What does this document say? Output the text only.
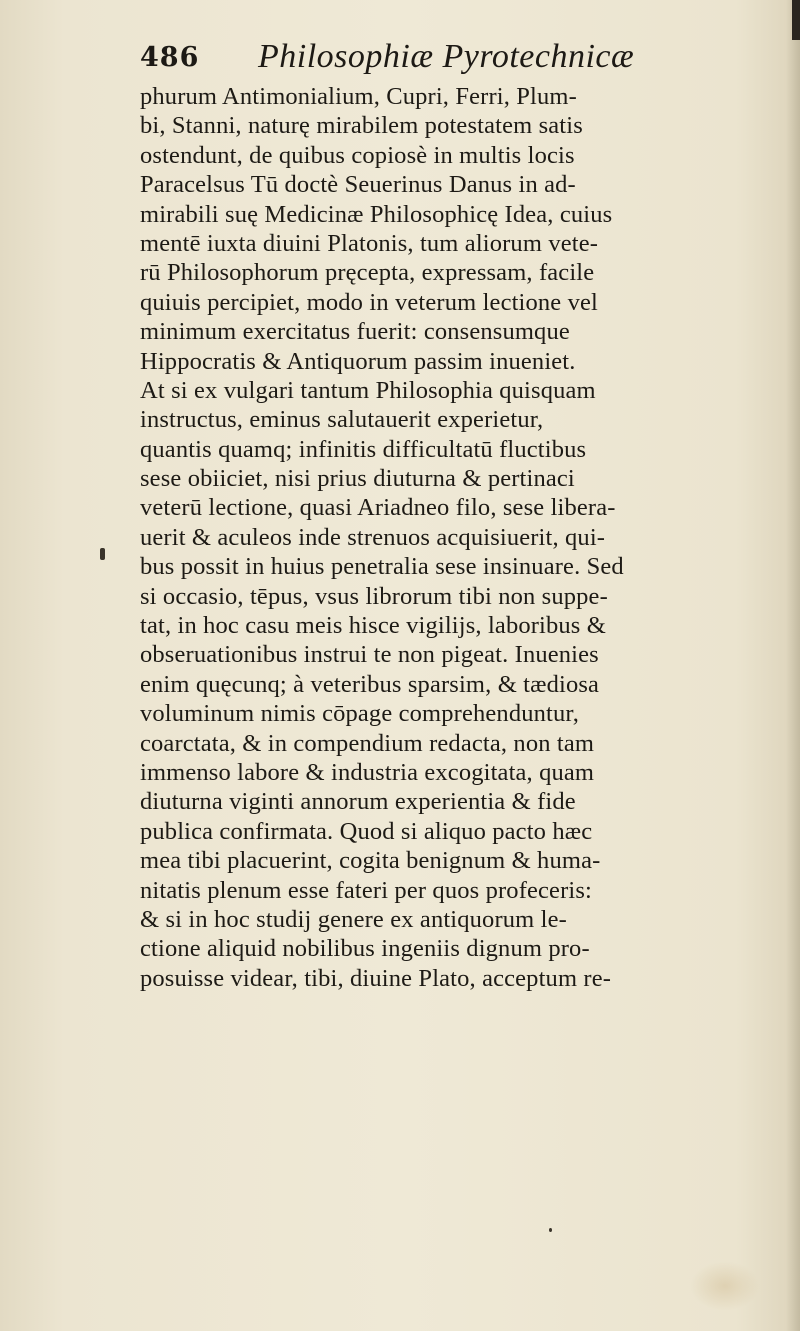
486 Philosophiæ Pyrotechnicæ
phurum Antimonialium, Cupri, Ferri, Plum-
bi, Stanni, naturę mirabilem potestatem satis
ostendunt, de quibus copiosè in multis locis
Paracelsus Tū doctè Seuerinus Danus in ad-
mirabili suę Medicinæ Philosophicę Idea, cuius
mentē iuxta diuini Platonis, tum aliorum vete-
rū Philosophorum pręcepta, expressam, facile
quiuis percipiet, modo in veterum lectione vel
minimum exercitatus fuerit: consensumque
Hippocratis & Antiquorum passim inueniet.
At si ex vulgari tantum Philosophia quisquam
instructus, eminus salutauerit experietur,
quantis quamq; infinitis difficultatū fluctibus
sese obiiciet, nisi prius diuturna & pertinaci
veterū lectione, quasi Ariadneo filo, sese libera-
uerit & aculeos inde strenuos acquisiuerit, qui-
bus possit in huius penetralia sese insinuare. Sed
si occasio, tēpus, vsus librorum tibi non suppe-
tat, in hoc casu meis hisce vigilijs, laboribus &
obseruationibus instrui te non pigeat. Inuenies
enim quęcunq; à veteribus sparsim, & tædiosa
voluminum nimis cōpage comprehenduntur,
coarctata, & in compendium redacta, non tam
immenso labore & industria excogitata, quam
diuturna viginti annorum experientia & fide
publica confirmata. Quod si aliquo pacto hæc
mea tibi placuerint, cogita benignum & huma-
nitatis plenum esse fateri per quos profeceris:
& si in hoc studij genere ex antiquorum le-
ctione aliquid nobilibus ingeniis dignum pro-
posuisse videar, tibi, diuine Plato, acceptum re-
